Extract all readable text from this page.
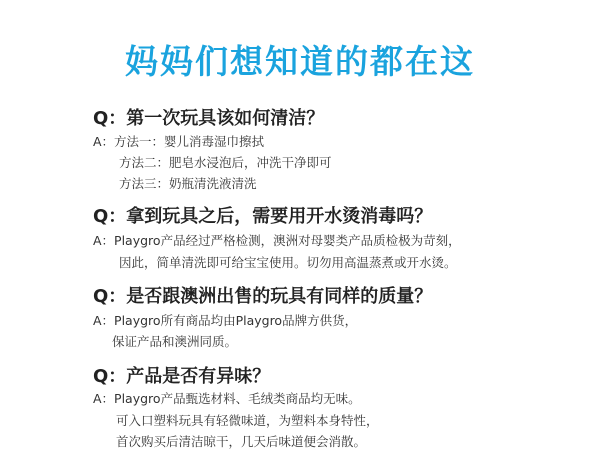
妈妈们想知道的都在这
Q：第一次玩具该如何清洁？
A：方法一：婴儿消毒湿巾擦拭
方法二：肥皂水浸泡后，冲洗干净即可
方法三：奶瓶清洗液清洗
Q：拿到玩具之后，需要用开水烫消毒吗？
A：Playgro产品经过严格检测，澳洲对母婴类产品质检极为苛刻，
因此，简单清洗即可给宝宝使用。切勿用高温蒸煮或开水烫。
Q：是否跟澳洲出售的玩具有同样的质量？
A：Playgro所有商品均由Playgro品牌方供货，
保证产品和澳洲同质。
Q：产品是否有异味？
A：Playgro产品甄选材料、毛绒类商品均无味。
可入口塑料玩具有轻微味道，为塑料本身特性，
首次购买后清洁晾干，几天后味道便会消散。
